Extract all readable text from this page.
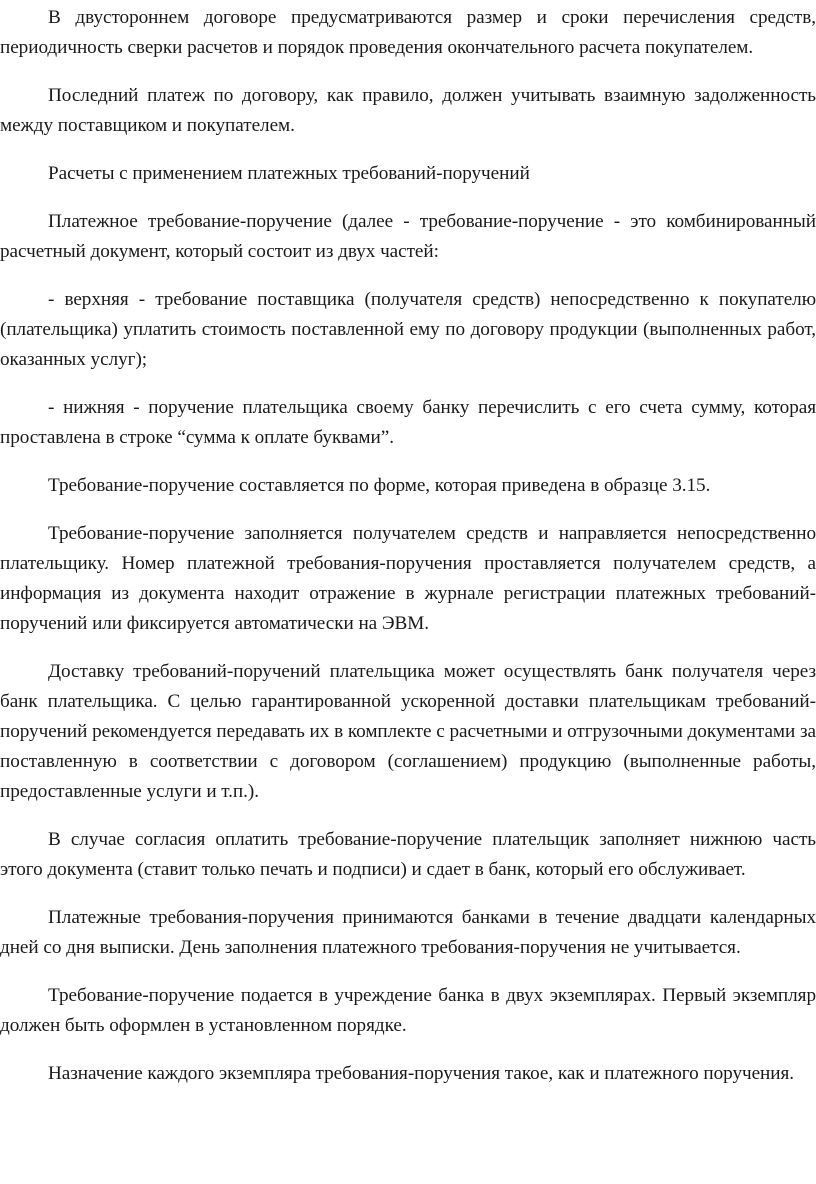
В двустороннем договоре предусматриваются размер и сроки перечисления средств, периодичность сверки расчетов и порядок проведения окончательного расчета покупателем.

Последний платеж по договору, как правило, должен учитывать взаимную задолженность между поставщиком и покупателем.

Расчеты с применением платежных требований-поручений

Платежное требование-поручение (далее - требование-поручение - это комбинированный расчетный документ, который состоит из двух частей:

- верхняя - требование поставщика (получателя средств) непосредственно к покупателю (плательщика) уплатить стоимость поставленной ему по договору продукции (выполненных работ, оказанных услуг);

- нижняя - поручение плательщика своему банку перечислить с его счета сумму, которая проставлена в строке “сумма к оплате буквами”.

Требование-поручение составляется по форме, которая приведена в образце 3.15.

Требование-поручение заполняется получателем средств и направляется непосредственно плательщику. Номер платежной требования-поручения проставляется получателем средств, а информация из документа находит отражение в журнале регистрации платежных требований-поручений или фиксируется автоматически на ЭВМ.

Доставку требований-поручений плательщика может осуществлять банк получателя через банк плательщика. С целью гарантированной ускоренной доставки плательщикам требований-поручений рекомендуется передавать их в комплекте с расчетными и отгрузочными документами за поставленную в соответствии с договором (соглашением) продукцию (выполненные работы, предоставленные услуги и т.п.).

В случае согласия оплатить требование-поручение плательщик заполняет нижнюю часть этого документа (ставит только печать и подписи) и сдает в банк, который его обслуживает.

Платежные требования-поручения принимаются банками в течение двадцати календарных дней со дня выписки. День заполнения платежного требования-поручения не учитывается.

Требование-поручение подается в учреждение банка в двух экземплярах. Первый экземпляр должен быть оформлен в установленном порядке.

Назначение каждого экземпляра требования-поручения такое, как и платежного поручения.
